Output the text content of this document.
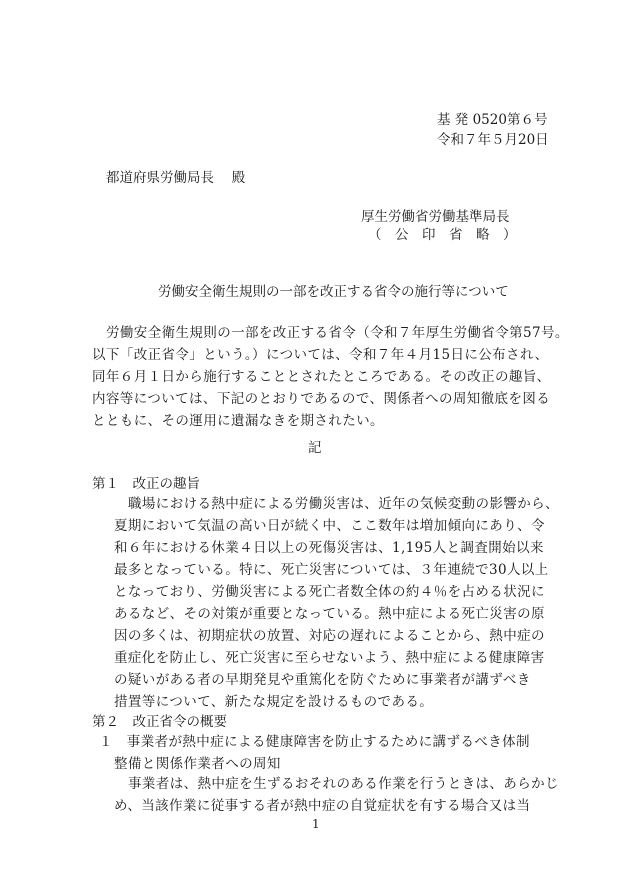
基 発 0520第６号
令和７年５月20日
都道府県労働局長　 殿
厚生労働省労働基準局長
（　公　印　省　略　）
労働安全衛生規則の一部を改正する省令の施行等について
労働安全衛生規則の一部を改正する省令（令和７年厚生労働省令第57号。
以下「改正省令」という。）については、令和７年４月15日に公布され、
同年６月１日から施行することとされたところである。その改正の趣旨、
内容等については、下記のとおりであるので、関係者への周知徹底を図る
とともに、その運用に遺漏なきを期されたい。
記
第１　改正の趣旨
職場における熱中症による労働災害は、近年の気候変動の影響から、
夏期において気温の高い日が続く中、ここ数年は増加傾向にあり、令
和６年における休業４日以上の死傷災害は、1,195人と調査開始以来
最多となっている。特に、死亡災害については、３年連続で30人以上
となっており、労働災害による死亡者数全体の約４％を占める状況に
あるなど、その対策が重要となっている。熱中症による死亡災害の原
因の多くは、初期症状の放置、対応の遅れによることから、熱中症の
重症化を防止し、死亡災害に至らせないよう、熱中症による健康障害
の疑いがある者の早期発見や重篤化を防ぐために事業者が講ずべき
措置等について、新たな規定を設けるものである。
第２　改正省令の概要
１　事業者が熱中症による健康障害を防止するために講ずるべき体制
整備と関係作業者への周知
事業者は、熱中症を生ずるおそれのある作業を行うときは、あらかじ
め、当該作業に従事する者が熱中症の自覚症状を有する場合又は当
1
